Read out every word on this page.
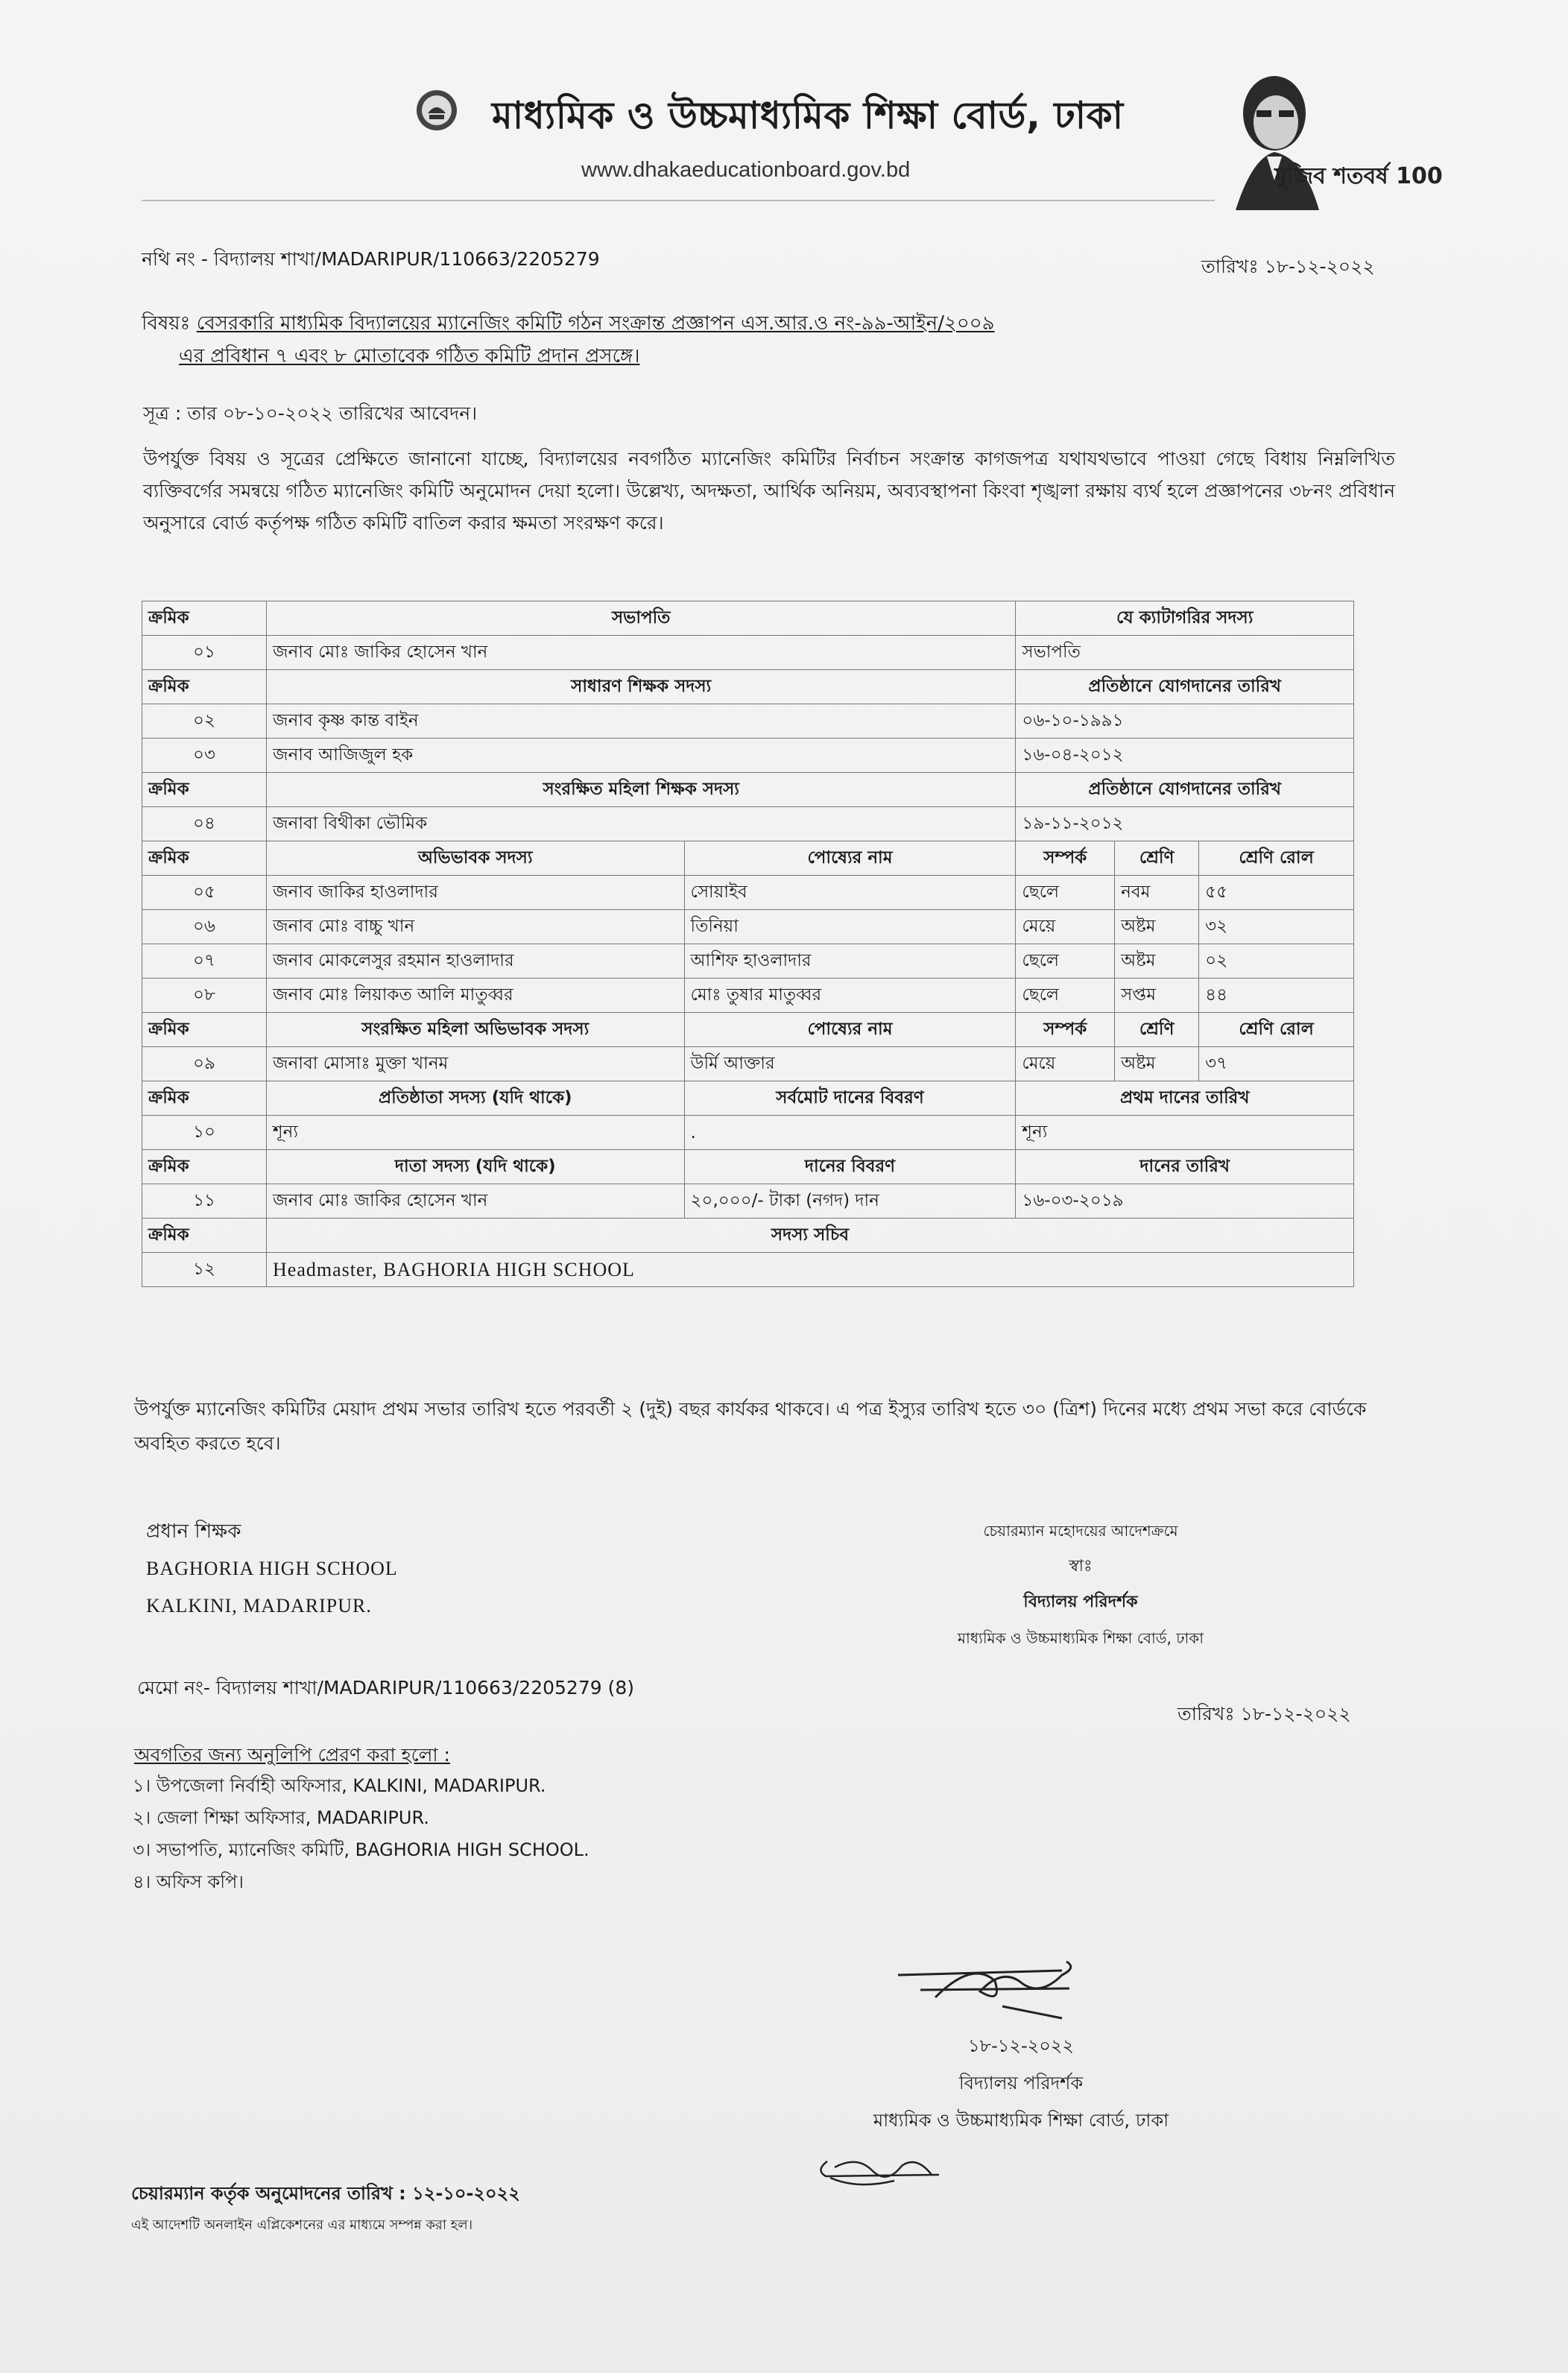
মাধ্যমিক ও উচ্চমাধ্যমিক শিক্ষা বোর্ড, ঢাকা
www.dhakaeducationboard.gov.bd	মুজিব শতবর্ষ 100
নথি নং - বিদ্যালয় শাখা/MADARIPUR/110663/2205279	তারিখঃ ১৮-১২-২০২২
বিষয়ঃ বেসরকারি মাধ্যমিক বিদ্যালয়ের ম্যানেজিং কমিটি গঠন সংক্রান্ত প্রজ্ঞাপন এস.আর.ও নং-৯৯-আইন/২০০৯
এর প্রবিধান ৭ এবং ৮ মোতাবেক গঠিত কমিটি প্রদান প্রসঙ্গে।
সূত্র : তার ০৮-১০-২০২২ তারিখের আবেদন।
উপর্যুক্ত বিষয় ও সূত্রের প্রেক্ষিতে জানানো যাচ্ছে, বিদ্যালয়ের নবগঠিত ম্যানেজিং কমিটির নির্বাচন সংক্রান্ত কাগজপত্র যথাযথভাবে পাওয়া গেছে বিধায় নিম্নলিখিত ব্যক্তিবর্গের সমন্বয়ে গঠিত ম্যানেজিং কমিটি অনুমোদন দেয়া হলো। উল্লেখ্য, অদক্ষতা, আর্থিক অনিয়ম, অব্যবস্থাপনা কিংবা শৃঙ্খলা রক্ষায় ব্যর্থ হলে প্রজ্ঞাপনের ৩৮নং প্রবিধান অনুসারে বোর্ড কর্তৃপক্ষ গঠিত কমিটি বাতিল করার ক্ষমতা সংরক্ষণ করে।
ক্রমিক	সভাপতি		যে ক্যাটাগরির সদস্য		
০১	জনাব মোঃ জাকির হোসেন খান		সভাপতি		
ক্রমিক	সাধারণ শিক্ষক সদস্য		প্রতিষ্ঠানে যোগদানের তারিখ		
০২	জনাব কৃষ্ণ কান্ত বাইন		০৬-১০-১৯৯১		
০৩	জনাব আজিজুল হক		১৬-০৪-২০১২		
ক্রমিক	সংরক্ষিত মহিলা শিক্ষক সদস্য		প্রতিষ্ঠানে যোগদানের তারিখ		
০৪	জনাবা বিথীকা ভৌমিক		১৯-১১-২০১২		
ক্রমিক	অভিভাবক সদস্য	পোষ্যের নাম	সম্পর্ক	শ্রেণি	শ্রেণি রোল
০৫	জনাব জাকির হাওলাদার	সোয়াইব	ছেলে	নবম	৫৫
০৬	জনাব মোঃ বাচ্চু খান	তিনিয়া	মেয়ে	অষ্টম	৩২
০৭	জনাব মোকলেসুর রহমান হাওলাদার	আশিফ হাওলাদার	ছেলে	অষ্টম	০২
০৮	জনাব মোঃ লিয়াকত আলি মাতুব্বর	মোঃ তুষার মাতুব্বর	ছেলে	সপ্তম	৪৪
ক্রমিক	সংরক্ষিত মহিলা অভিভাবক সদস্য	পোষ্যের নাম	সম্পর্ক	শ্রেণি	শ্রেণি রোল
০৯	জনাবা মোসাঃ মুক্তা খানম	উর্মি আক্তার	মেয়ে	অষ্টম	৩৭
ক্রমিক	প্রতিষ্ঠাতা সদস্য (যদি থাকে)	সর্বমোট দানের বিবরণ	প্রথম দানের তারিখ		
১০	শূন্য	.	শূন্য		
ক্রমিক	দাতা সদস্য (যদি থাকে)	দানের বিবরণ	দানের তারিখ		
১১	জনাব মোঃ জাকির হোসেন খান	২০,০০০/- টাকা (নগদ) দান	১৬-০৩-২০১৯		
ক্রমিক	সদস্য সচিব				
১২	Headmaster, BAGHORIA HIGH SCHOOL				
উপর্যুক্ত ম্যানেজিং কমিটির মেয়াদ প্রথম সভার তারিখ হতে পরবর্তী ২ (দুই) বছর কার্যকর থাকবে। এ পত্র ইস্যুর তারিখ হতে ৩০ (ত্রিশ) দিনের মধ্যে প্রথম সভা করে বোর্ডকে অবহিত করতে হবে।
প্রধান শিক্ষক
BAGHORIA HIGH SCHOOL
KALKINI, MADARIPUR.
চেয়ারম্যান মহোদয়ের আদেশক্রমে
স্বাঃ
বিদ্যালয় পরিদর্শক
মাধ্যমিক ও উচ্চমাধ্যমিক শিক্ষা বোর্ড, ঢাকা
মেমো নং- বিদ্যালয় শাখা/MADARIPUR/110663/2205279 (8)
তারিখঃ ১৮-১২-২০২২
অবগতির জন্য অনুলিপি প্রেরণ করা হলো :
১। উপজেলা নির্বাহী অফিসার, KALKINI, MADARIPUR.
২। জেলা শিক্ষা অফিসার, MADARIPUR.
৩। সভাপতি, ম্যানেজিং কমিটি, BAGHORIA HIGH SCHOOL.
৪। অফিস কপি।
১৮-১২-২০২২
বিদ্যালয় পরিদর্শক
মাধ্যমিক ও উচ্চমাধ্যমিক শিক্ষা বোর্ড, ঢাকা
চেয়ারম্যান কর্তৃক অনুমোদনের তারিখ : ১২-১০-২০২২
এই আদেশটি অনলাইন এপ্লিকেশনের এর মাধ্যমে সম্পন্ন করা হল।
